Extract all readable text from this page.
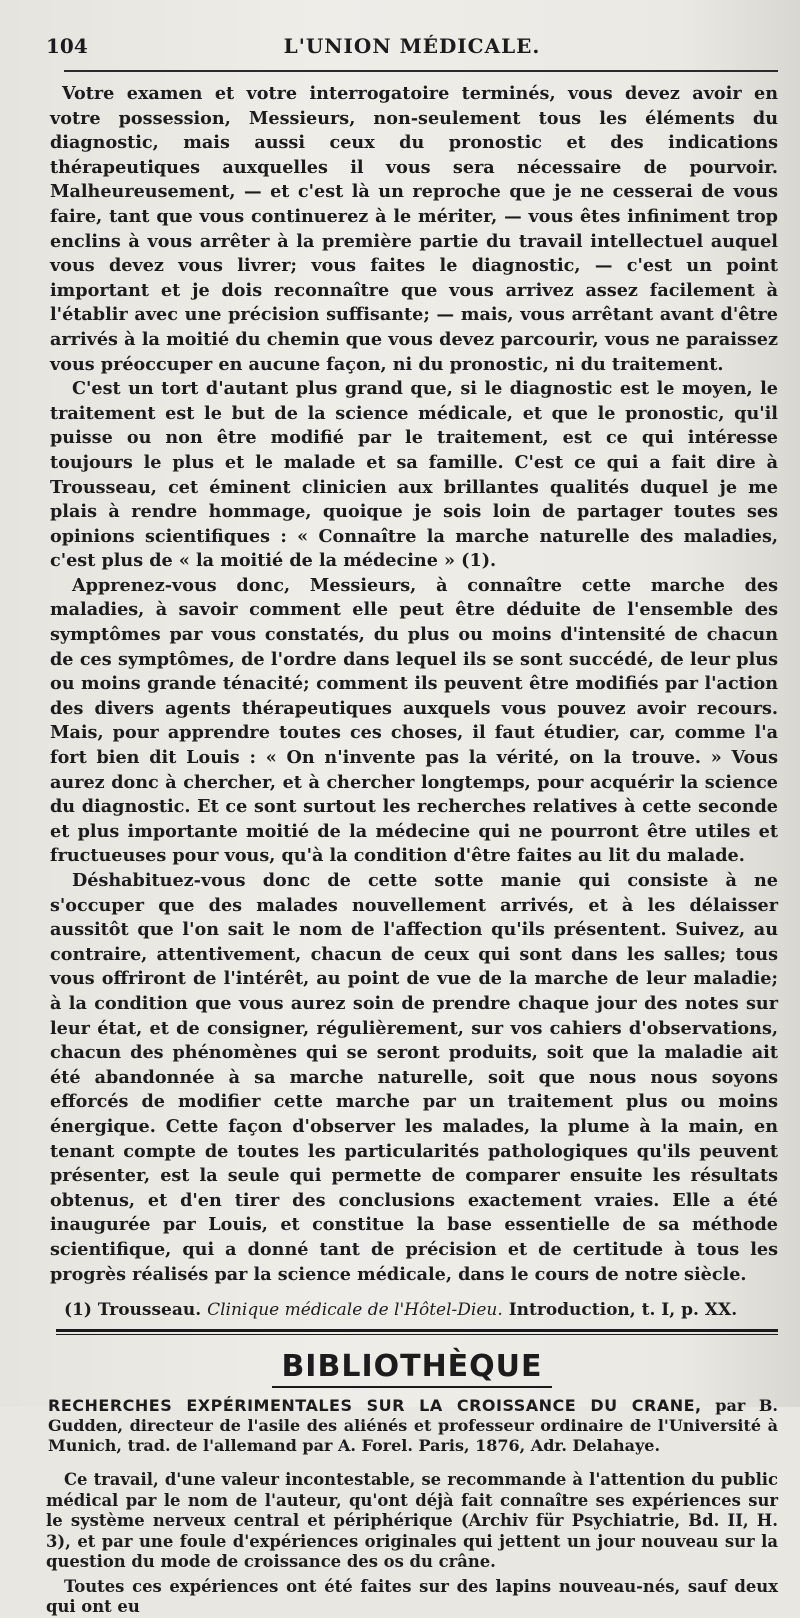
104	L'UNION MÉDICALE.

Votre examen et votre interrogatoire terminés, vous devez avoir en votre possession, Messieurs, non-seulement tous les éléments du diagnostic, mais aussi ceux du pronostic et des indications thérapeutiques auxquelles il vous sera nécessaire de pourvoir. Malheureusement, — et c'est là un reproche que je ne cesserai de vous faire, tant que vous continuerez à le mériter, — vous êtes infiniment trop enclins à vous arrêter à la première partie du travail intellectuel auquel vous devez vous livrer; vous faites le diagnostic, — c'est un point important et je dois reconnaître que vous arrivez assez facilement à l'établir avec une précision suffisante; — mais, vous arrêtant avant d'être arrivés à la moitié du chemin que vous devez parcourir, vous ne paraissez vous préoccuper en aucune façon, ni du pronostic, ni du traitement.

C'est un tort d'autant plus grand que, si le diagnostic est le moyen, le traitement est le but de la science médicale, et que le pronostic, qu'il puisse ou non être modifié par le traitement, est ce qui intéresse toujours le plus et le malade et sa famille. C'est ce qui a fait dire à Trousseau, cet éminent clinicien aux brillantes qualités duquel je me plais à rendre hommage, quoique je sois loin de partager toutes ses opinions scientifiques : « Connaître la marche naturelle des maladies, c'est plus de « la moitié de la médecine » (1).

Apprenez-vous donc, Messieurs, à connaître cette marche des maladies, à savoir comment elle peut être déduite de l'ensemble des symptômes par vous constatés, du plus ou moins d'intensité de chacun de ces symptômes, de l'ordre dans lequel ils se sont succédé, de leur plus ou moins grande ténacité; comment ils peuvent être modifiés par l'action des divers agents thérapeutiques auxquels vous pouvez avoir recours. Mais, pour apprendre toutes ces choses, il faut étudier, car, comme l'a fort bien dit Louis : « On n'invente pas la vérité, on la trouve. » Vous aurez donc à chercher, et à chercher longtemps, pour acquérir la science du diagnostic. Et ce sont surtout les recherches relatives à cette seconde et plus importante moitié de la médecine qui ne pourront être utiles et fructueuses pour vous, qu'à la condition d'être faites au lit du malade.

Déshabituez-vous donc de cette sotte manie qui consiste à ne s'occuper que des malades nouvellement arrivés, et à les délaisser aussitôt que l'on sait le nom de l'affection qu'ils présentent. Suivez, au contraire, attentivement, chacun de ceux qui sont dans les salles; tous vous offriront de l'intérêt, au point de vue de la marche de leur maladie; à la condition que vous aurez soin de prendre chaque jour des notes sur leur état, et de consigner, régulièrement, sur vos cahiers d'observations, chacun des phénomènes qui se seront produits, soit que la maladie ait été abandonnée à sa marche naturelle, soit que nous nous soyons efforcés de modifier cette marche par un traitement plus ou moins énergique. Cette façon d'observer les malades, la plume à la main, en tenant compte de toutes les particularités pathologiques qu'ils peuvent présenter, est la seule qui permette de comparer ensuite les résultats obtenus, et d'en tirer des conclusions exactement vraies. Elle a été inaugurée par Louis, et constitue la base essentielle de sa méthode scientifique, qui a donné tant de précision et de certitude à tous les progrès réalisés par la science médicale, dans le cours de notre siècle.

(1) Trousseau. Clinique médicale de l'Hôtel-Dieu. Introduction, t. I, p. XX.
BIBLIOTHÈQUE
RECHERCHES EXPÉRIMENTALES SUR LA CROISSANCE DU CRANE, par B. Gudden, directeur de l'asile des aliénés et professeur ordinaire de l'Université à Munich, trad. de l'allemand par A. Forel. Paris, 1876, Adr. Delahaye.

Ce travail, d'une valeur incontestable, se recommande à l'attention du public médical par le nom de l'auteur, qu'ont déjà fait connaître ses expériences sur le système nerveux central et périphérique (Archiv für Psychiatrie, Bd. II, H. 3), et par une foule d'expériences originales qui jettent un jour nouveau sur la question du mode de croissance des os du crâne.

Toutes ces expériences ont été faites sur des lapins nouveau-nés, sauf deux qui ont eu
